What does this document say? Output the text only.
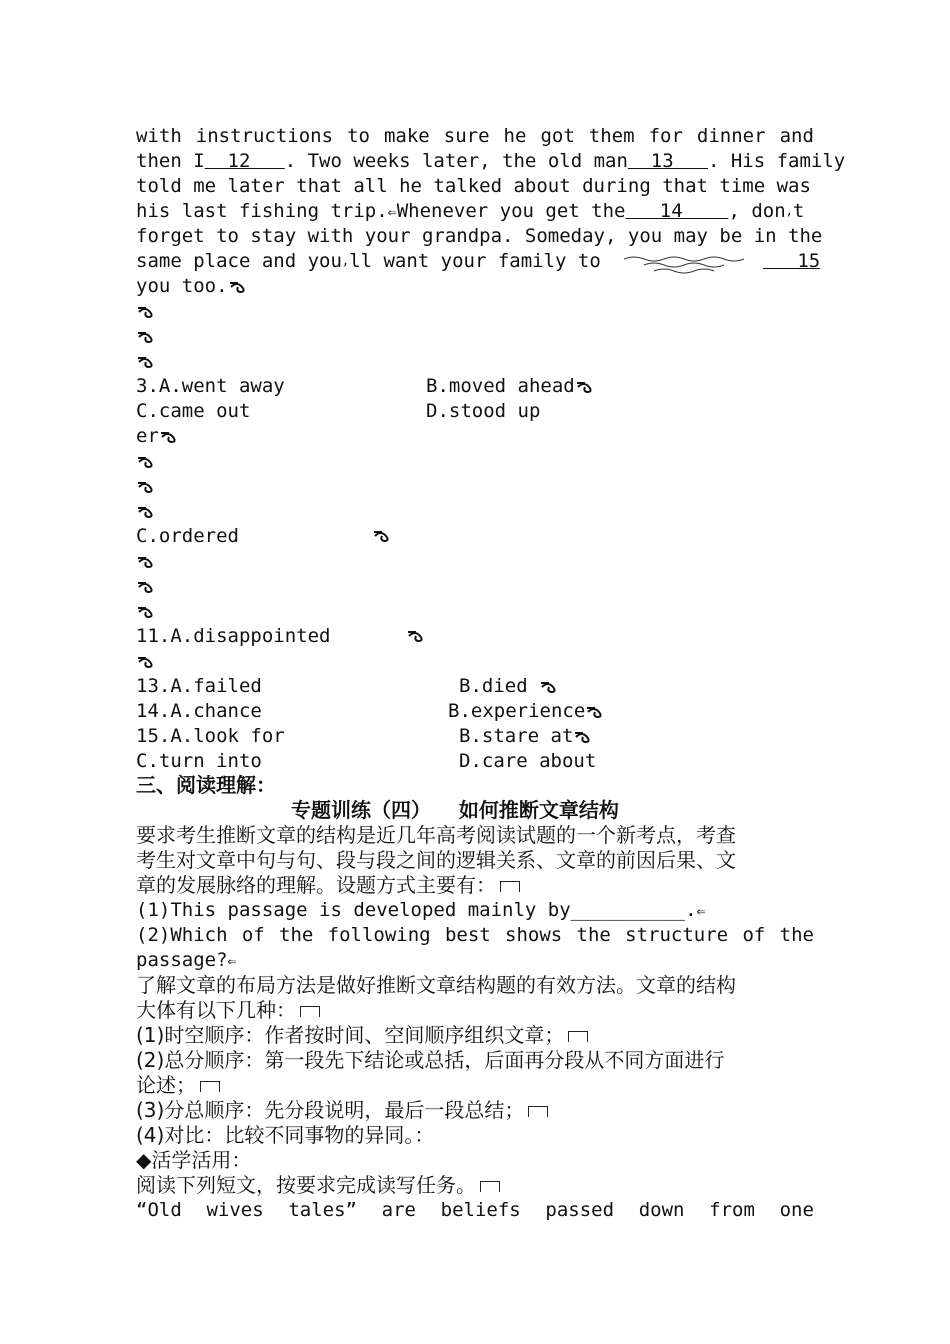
with instructions to make sure he got them for dinner and
then I  12   . Two weeks later, the old man  13   . His family
told me later that all he talked about during that time was
his last fishing trip.⇐Whenever you get the   14    , don,t
forget to stay with your grandpa. Someday, you may be in the
same place and you,ll want your family to	15
you too.
3.A.went away	B.moved ahead
C.came out	D.stood up
er
C.ordered
11.A.disappointed
13.A.failed	B.died
14.A.chance	B.experience
15.A.look for	B.stare at
C.turn into	D.care about
三、阅读理解：
专题训练（四）    如何推断文章结构
要求考生推断文章的结构是近几年高考阅读试题的一个新考点，考查
考生对文章中句与句、段与段之间的逻辑关系、文章的前因后果、文
章的发展脉络的理解。设题方式主要有：
(1)This passage is developed mainly by__________.⇐
(2)Which of the following best shows the structure of the
passage?⇐
了解文章的布局方法是做好推断文章结构题的有效方法。文章的结构
大体有以下几种：
(1)时空顺序：作者按时间、空间顺序组织文章；
(2)总分顺序：第一段先下结论或总括，后面再分段从不同方面进行
论述；
(3)分总顺序：先分段说明，最后一段总结；
(4)对比：比较不同事物的异同。：
◆活学活用：
阅读下列短文，按要求完成读写任务。
“Old wives tales” are beliefs passed down from one
